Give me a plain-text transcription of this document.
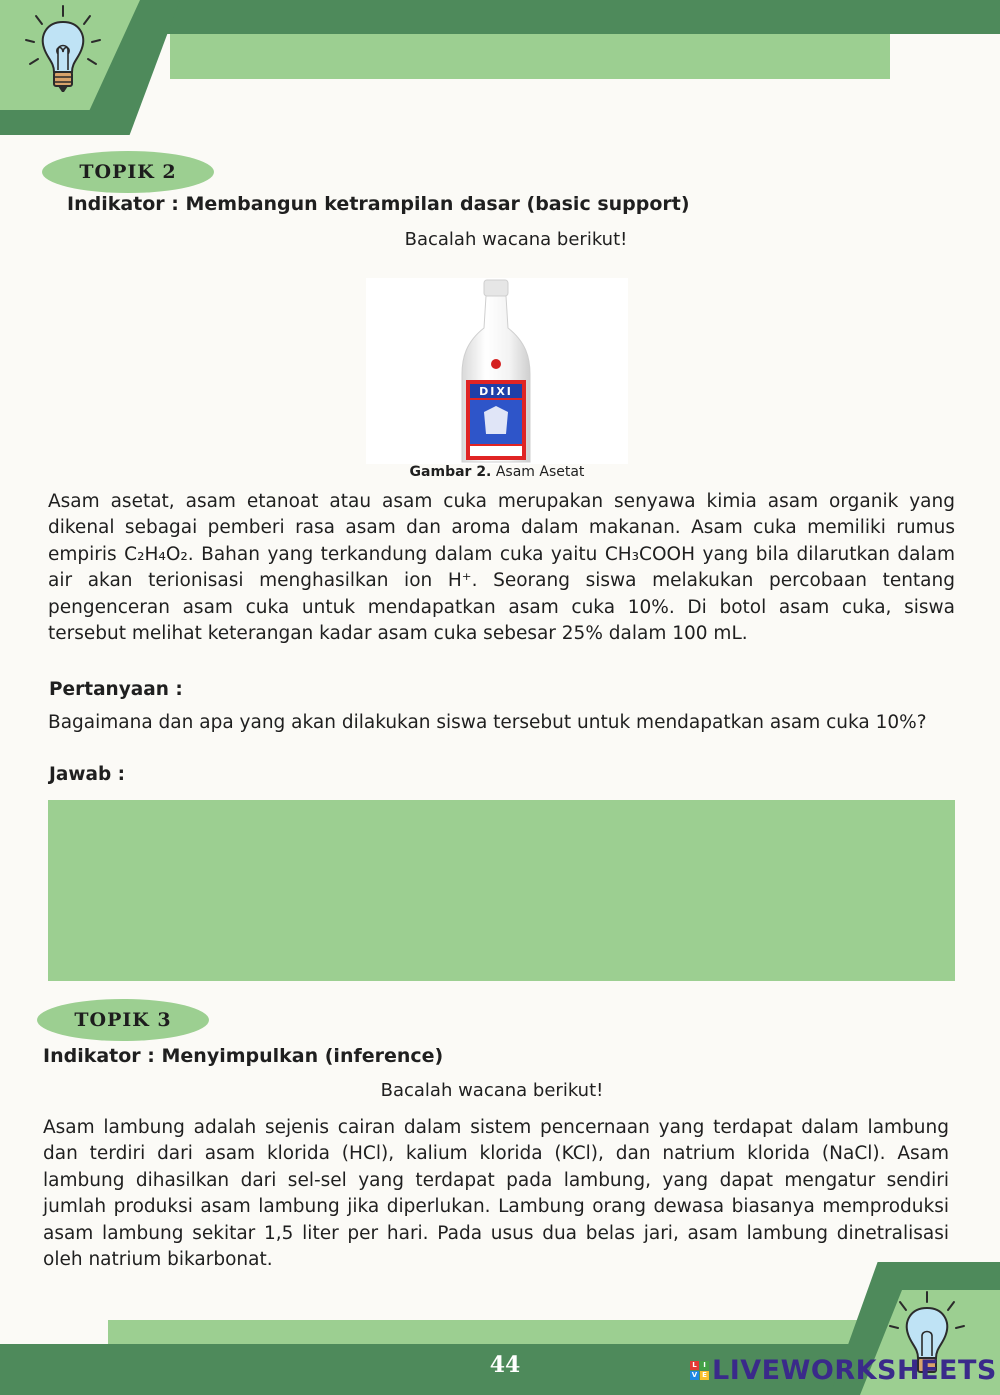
TOPIK 2
Indikator : Membangun ketrampilan dasar (basic support)
Bacalah wacana berikut!
DIXI
Gambar 2. Asam Asetat
Asam asetat, asam etanoat atau asam cuka merupakan senyawa kimia asam organik yang dikenal sebagai pemberi rasa asam dan aroma dalam makanan. Asam cuka memiliki rumus empiris C₂H₄O₂. Bahan yang terkandung dalam cuka yaitu CH₃COOH yang bila dilarutkan dalam air akan terionisasi menghasilkan ion H⁺. Seorang siswa melakukan percobaan tentang pengenceran asam cuka untuk mendapatkan asam cuka 10%. Di botol asam cuka, siswa tersebut melihat keterangan kadar asam cuka sebesar 25% dalam 100 mL.
Pertanyaan :
Bagaimana dan apa yang akan dilakukan siswa tersebut untuk mendapatkan asam cuka 10%?
Jawab :
TOPIK 3
Indikator : Menyimpulkan (inference)
Bacalah wacana berikut!
Asam lambung adalah sejenis cairan dalam sistem pencernaan yang terdapat dalam lambung dan terdiri dari asam klorida (HCl), kalium klorida (KCl), dan natrium klorida (NaCl). Asam lambung dihasilkan dari sel-sel yang terdapat pada lambung, yang dapat mengatur sendiri jumlah produksi asam lambung jika diperlukan. Lambung orang dewasa biasanya memproduksi asam lambung sekitar 1,5 liter per hari. Pada usus dua belas jari, asam lambung dinetralisasi oleh natrium bikarbonat.
44	L I
V E LIVEWORKSHEETS
